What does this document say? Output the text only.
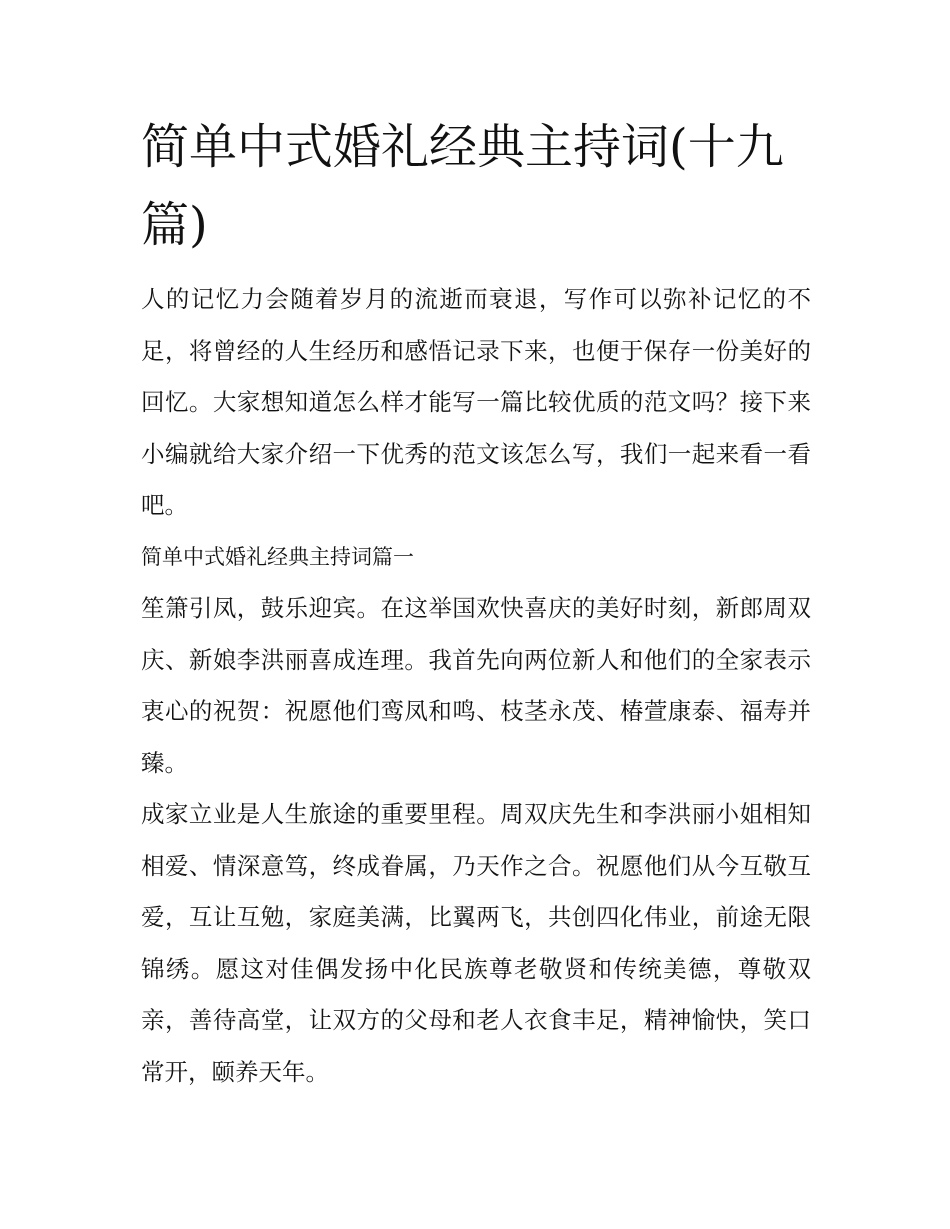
简单中式婚礼经典主持词(十九篇)

人的记忆力会随着岁月的流逝而衰退，写作可以弥补记忆的不足，将曾经的人生经历和感悟记录下来，也便于保存一份美好的回忆。大家想知道怎么样才能写一篇比较优质的范文吗？接下来小编就给大家介绍一下优秀的范文该怎么写，我们一起来看一看吧。

简单中式婚礼经典主持词篇一

笙箫引凤，鼓乐迎宾。在这举国欢快喜庆的美好时刻，新郎周双庆、新娘李洪丽喜成连理。我首先向两位新人和他们的全家表示衷心的祝贺：祝愿他们鸾凤和鸣、枝茎永茂、椿萱康泰、福寿并臻。

成家立业是人生旅途的重要里程。周双庆先生和李洪丽小姐相知相爱、情深意笃，终成眷属，乃天作之合。祝愿他们从今互敬互爱，互让互勉，家庭美满，比翼两飞，共创四化伟业，前途无限锦绣。愿这对佳偶发扬中化民族尊老敬贤和传统美德，尊敬双亲，善待高堂，让双方的父母和老人衣食丰足，精神愉快，笑口常开，颐养天年。
